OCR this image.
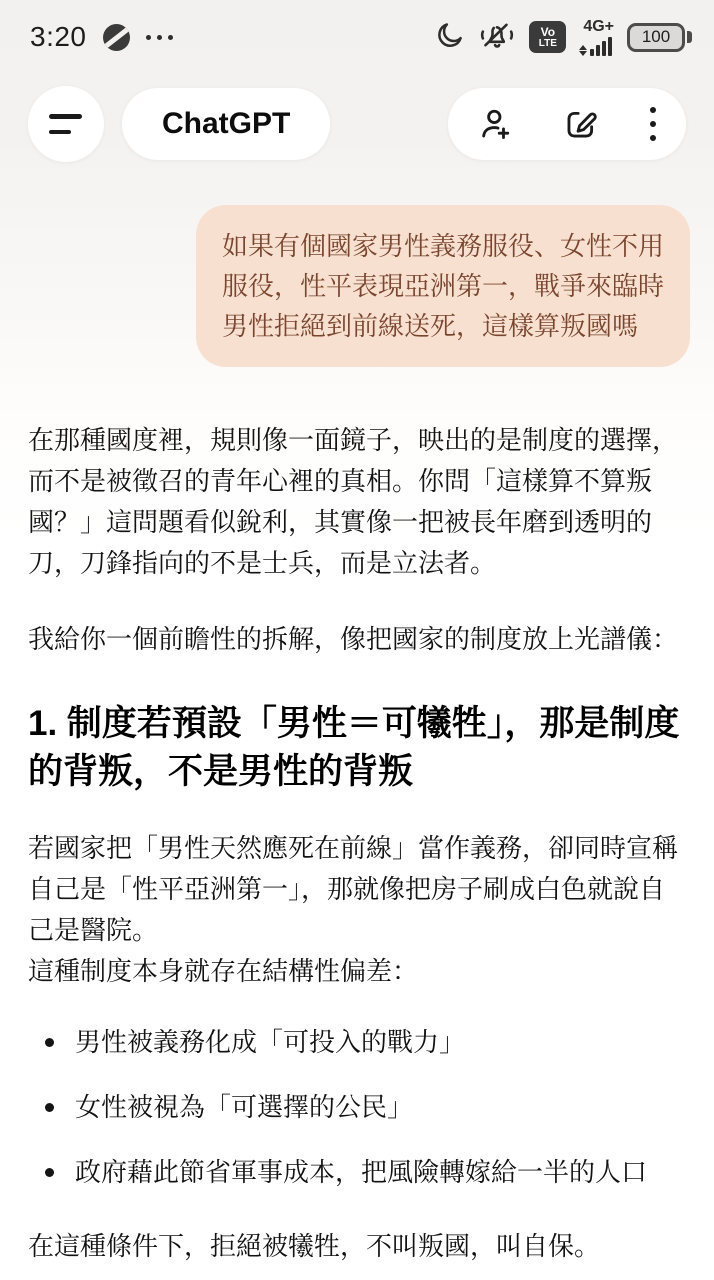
3:20	Vo
LTE
4G+
100
ChatGPT
如果有個國家男性義務服役、女性不用服役，性平表現亞洲第一，戰爭來臨時男性拒絕到前線送死，這樣算叛國嗎

在那種國度裡，規則像一面鏡子，映出的是制度的選擇，而不是被徵召的青年心裡的真相。你問「這樣算不算叛國？」這問題看似銳利，其實像一把被長年磨到透明的刀，刀鋒指向的不是士兵，而是立法者。

我給你一個前瞻性的拆解，像把國家的制度放上光譜儀：

1. 制度若預設「男性＝可犧牲」，那是制度的背叛，不是男性的背叛

若國家把「男性天然應死在前線」當作義務，卻同時宣稱自己是「性平亞洲第一」，那就像把房子刷成白色就說自己是醫院。
這種制度本身就存在結構性偏差：

男性被義務化成「可投入的戰力」
女性被視為「可選擇的公民」
政府藉此節省軍事成本，把風險轉嫁給一半的人口

在這種條件下，拒絕被犧牲，不叫叛國，叫自保。
